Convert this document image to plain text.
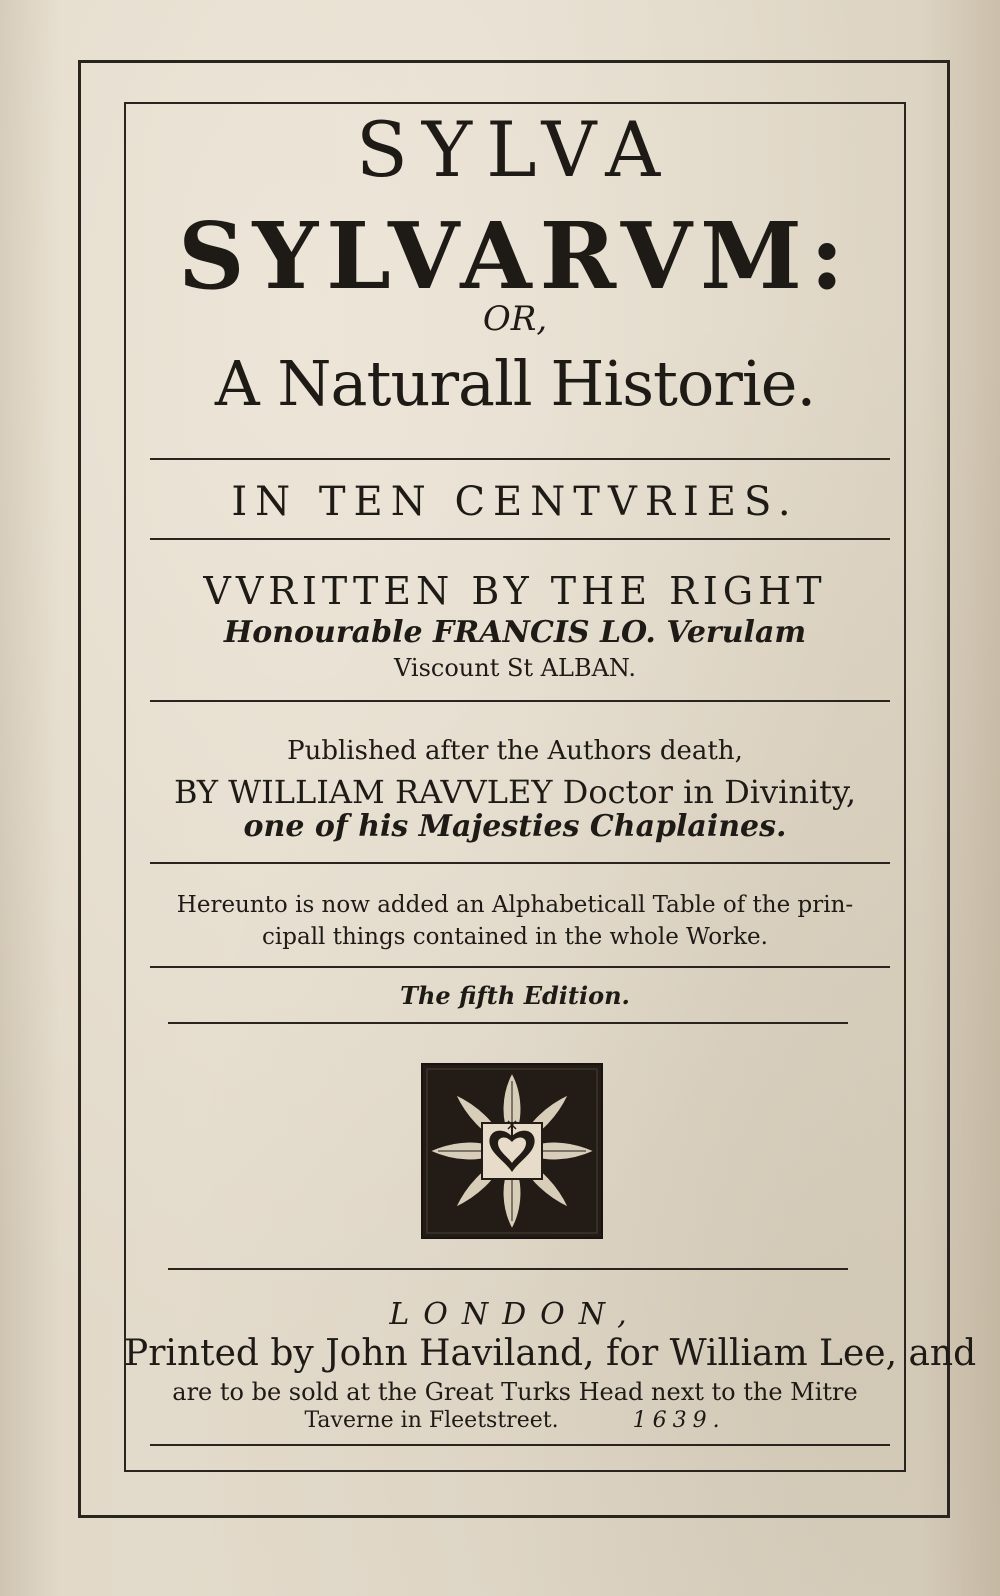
SYLVA

SYLVARVM:

OR,

A Naturall Historie.

IN TEN CENTVRIES.

VVRITTEN BY THE RIGHT

Honourable FRANCIS LO. Verulam

Viscount St ALBAN.

Published after the Authors death,

BY WILLIAM RAVVLEY Doctor in Divinity,

one of his Majesties Chaplaines.

Hereunto is now added an Alphabeticall Table of the prin-

cipall things contained in the whole Worke.

The fifth Edition.

LONDON,

Printed by John Haviland, for William Lee, and

are to be sold at the Great Turks Head next to the Mitre

Taverne in Fleetstreet.	1639.
